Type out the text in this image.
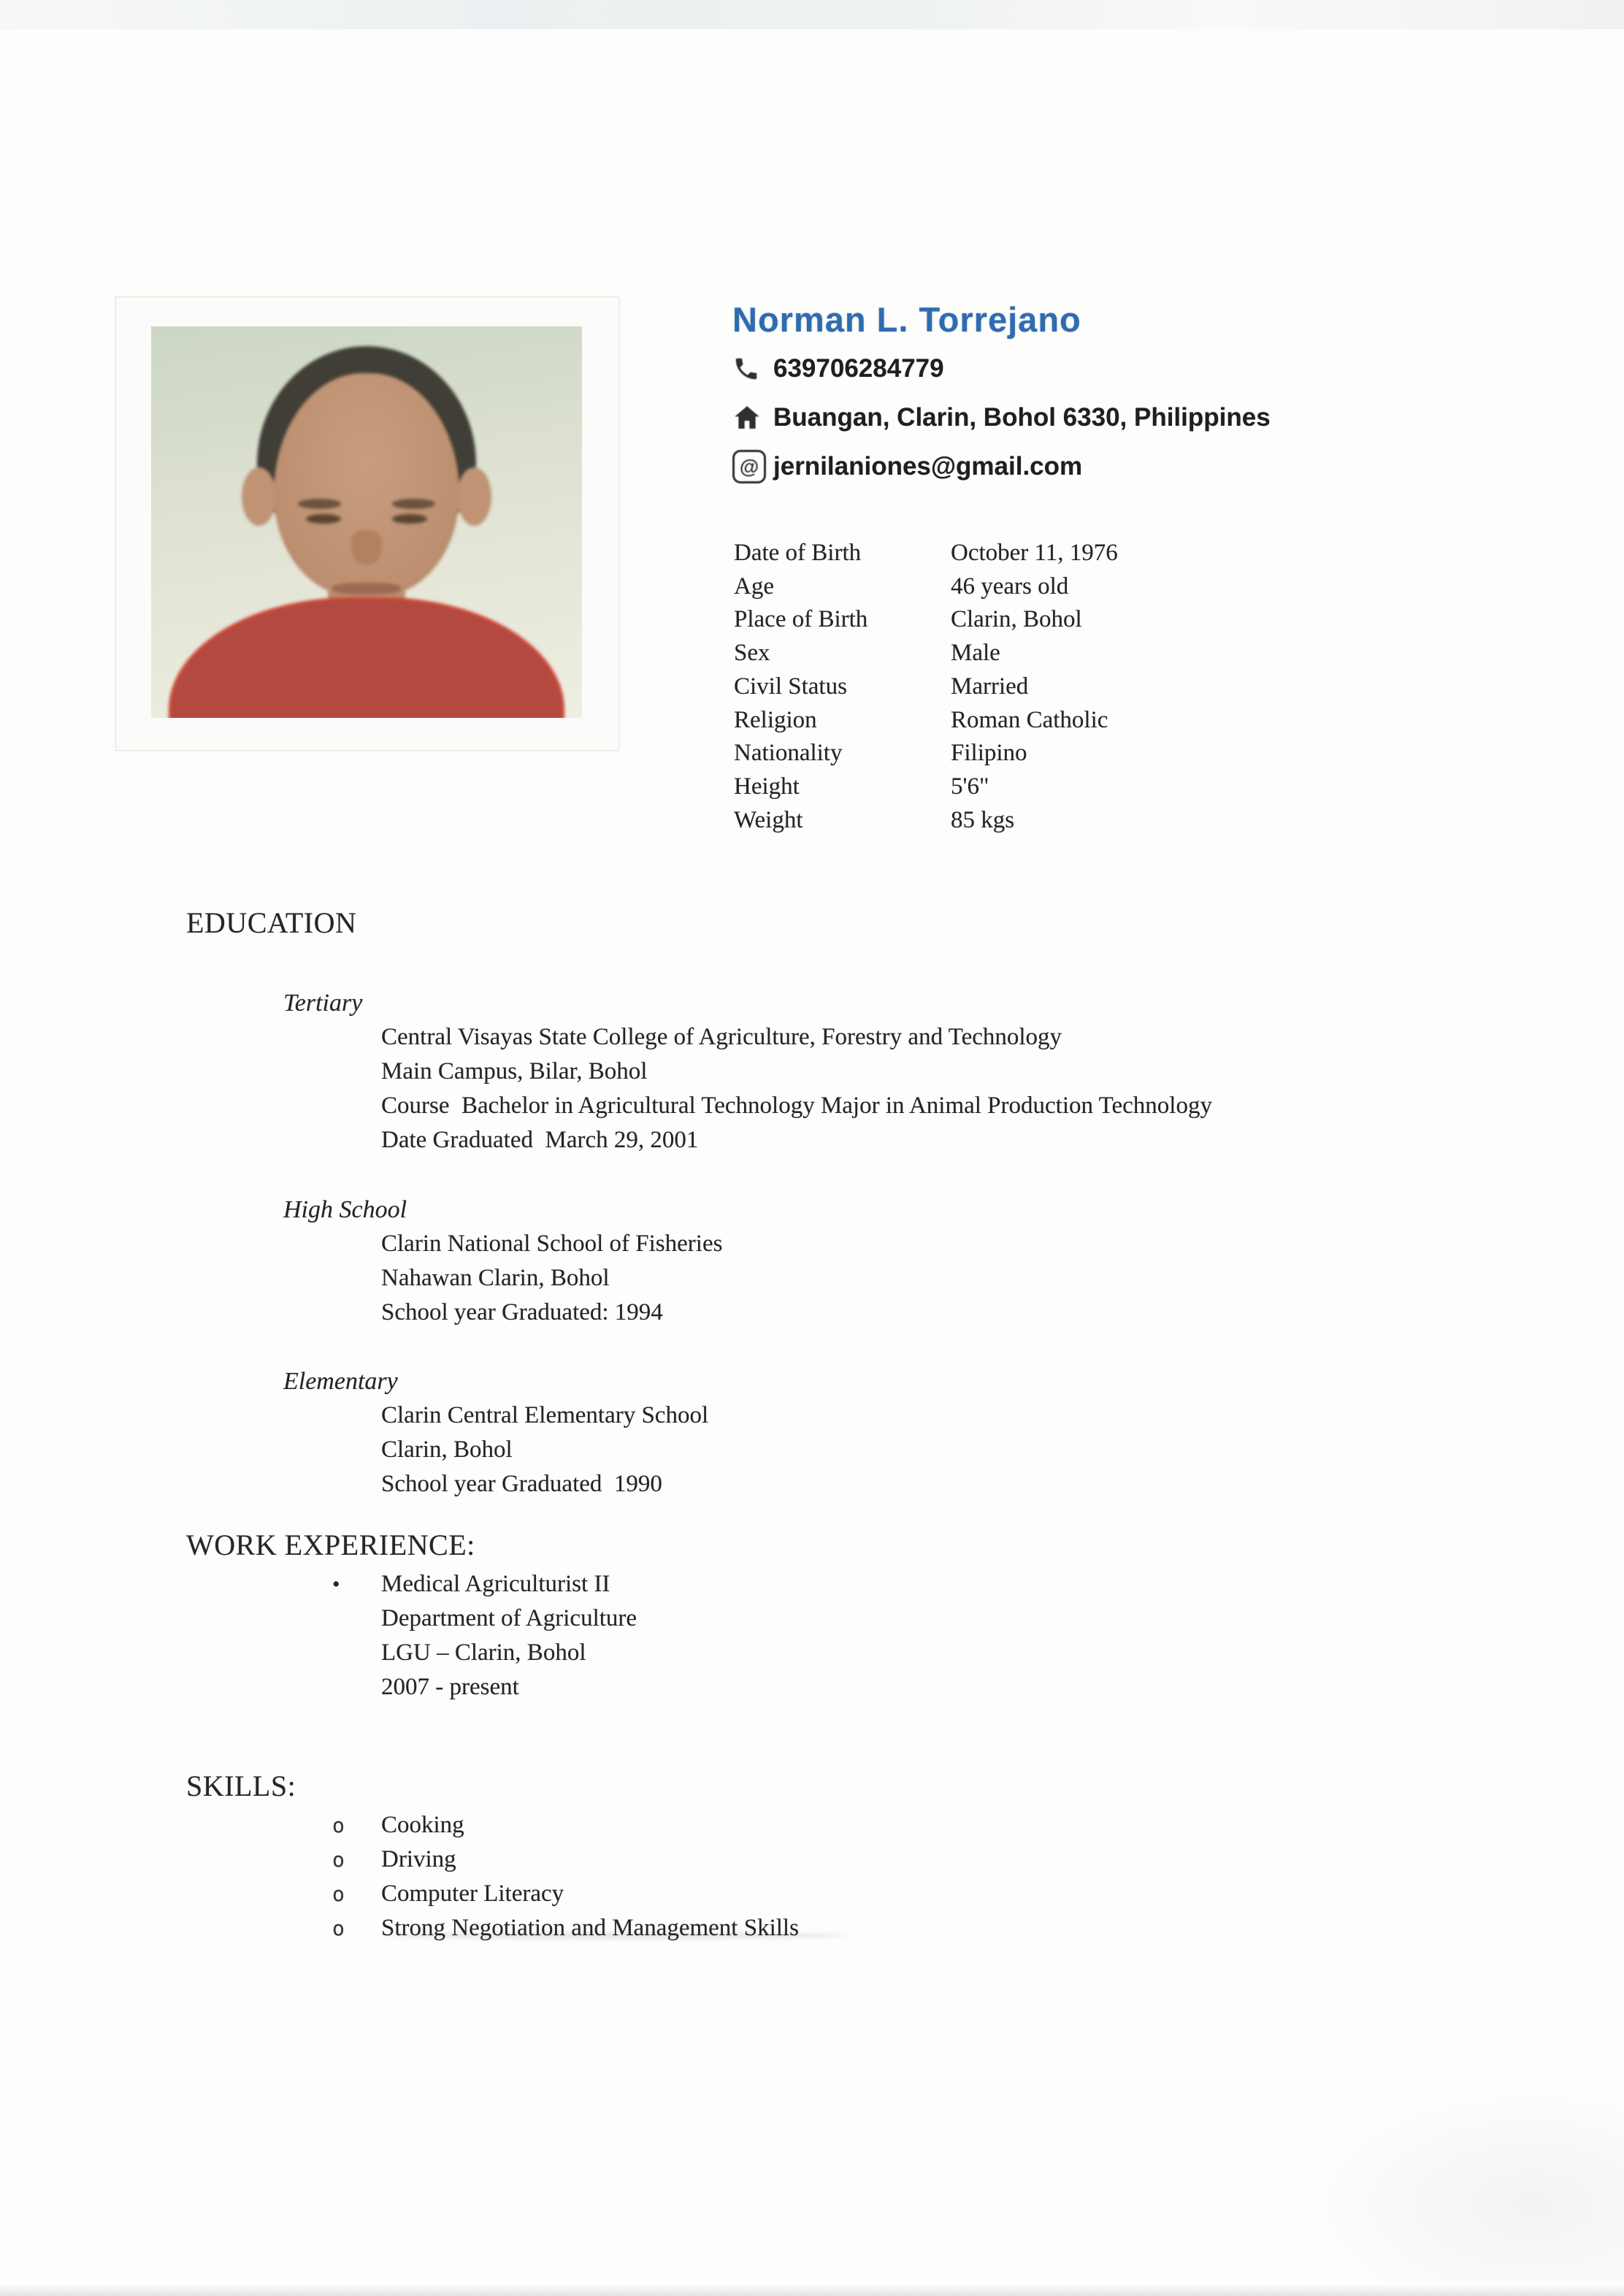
Norman L. Torrejano
639706284779
Buangan, Clarin, Bohol 6330, Philippines
@ jernilaniones@gmail.com
Date of Birth	October 11, 1976
Age	46 years old
Place of Birth	Clarin, Bohol
Sex	Male
Civil Status	Married
Religion	Roman Catholic
Nationality	Filipino
Height	5'6"
Weight	85 kgs
EDUCATION
Tertiary
Central Visayas State College of Agriculture, Forestry and Technology
Main Campus, Bilar, Bohol
Course  Bachelor in Agricultural Technology Major in Animal Production Technology
Date Graduated  March 29, 2001
High School
Clarin National School of Fisheries
Nahawan Clarin, Bohol
School year Graduated: 1994
Elementary
Clarin Central Elementary School
Clarin, Bohol
School year Graduated  1990
WORK EXPERIENCE:
•	Medical Agriculturist II
Department of Agriculture
LGU – Clarin, Bohol
2007 - present
SKILLS:
o	Cooking
o	Driving
o	Computer Literacy
o	Strong Negotiation and Management Skills
